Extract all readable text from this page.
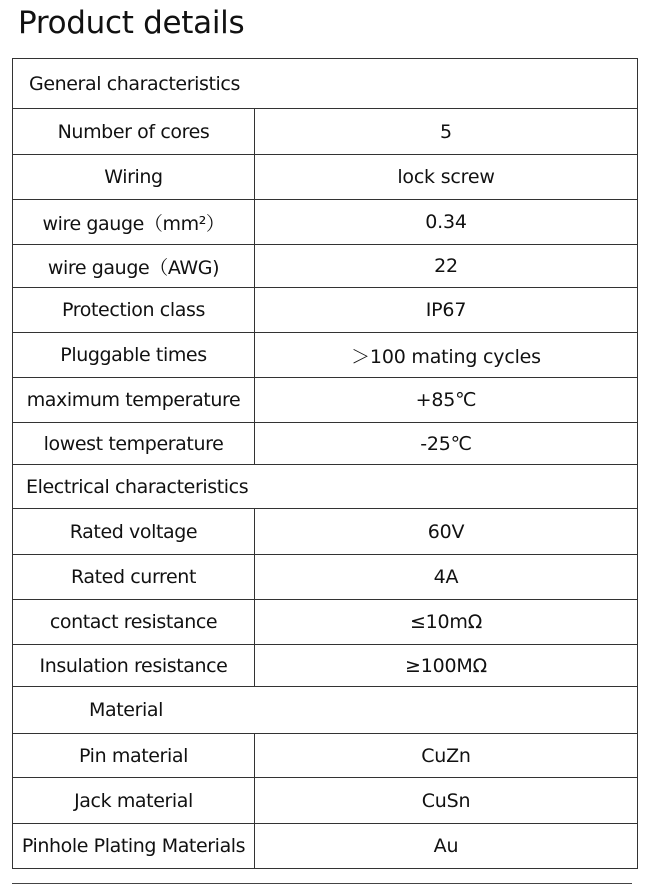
Product details
General characteristics
Number of cores	5
Wiring	lock screw
wire gauge（mm²）	0.34
wire gauge（AWG)	22
Protection class	IP67
Pluggable times	＞100 mating cycles
maximum temperature	+85℃
lowest temperature	-25℃
Electrical characteristics
Rated voltage	60V
Rated current	4A
contact resistance	≤10mΩ
Insulation resistance	≥100MΩ
Material
Pin material	CuZn
Jack material	CuSn
Pinhole Plating Materials	Au
